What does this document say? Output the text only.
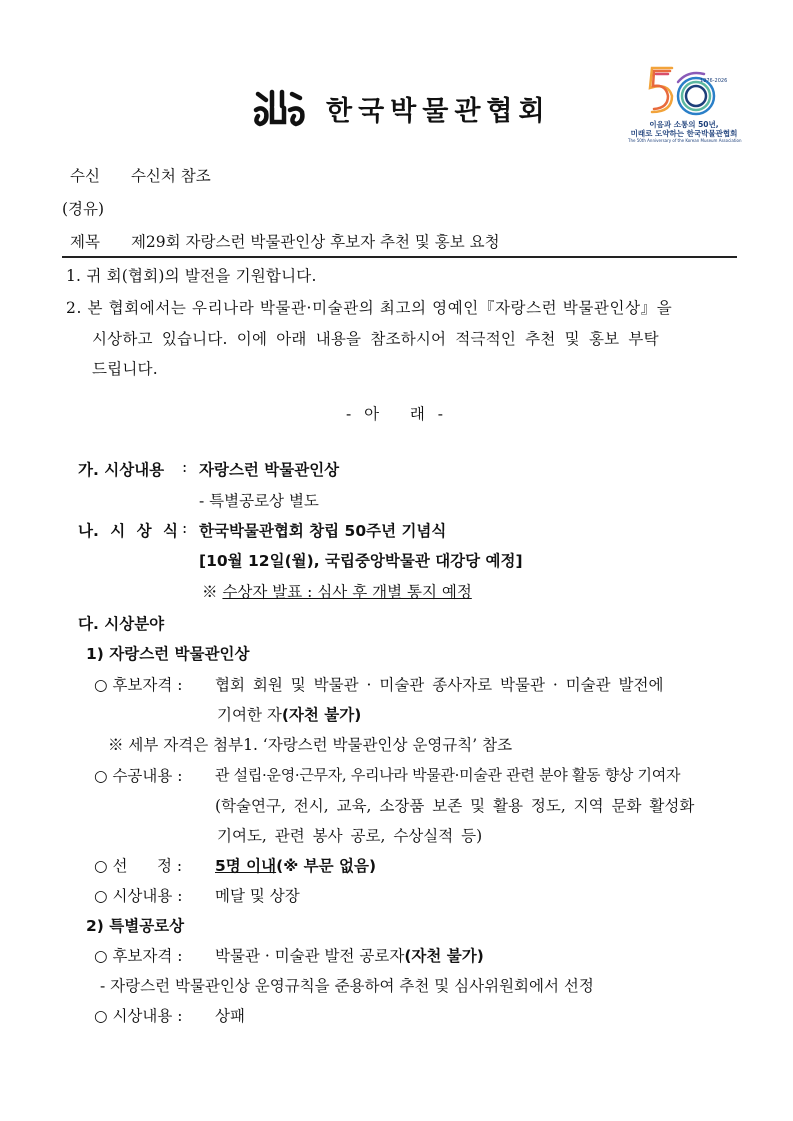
한국박물관협회
1976-2026
이음과 소통의 50년,
미래로 도약하는 한국박물관협회
The 50th Anniversary of the Korean Museum Association
수신 수신처 참조
(경유)
제목 제29회 자랑스런 박물관인상 후보자 추천 및 홍보 요청
1. 귀 회(협회)의 발전을 기원합니다.
2. 본 협회에서는 우리나라 박물관·미술관의 최고의 영예인『자랑스런 박물관인상』을
시상하고 있습니다. 이에 아래 내용을 참조하시어 적극적인 추천 및 홍보 부탁
드립니다.
- 아   래 -
가. 시상내용 : 자랑스런 박물관인상
- 특별공로상 별도
나. 시 상 식 : 한국박물관협회 창립 50주년 기념식
[10월 12일(월), 국립중앙박물관 대강당 예정]
※ 수상자 발표 : 심사 후 개별 통지 예정
다. 시상분야
1) 자랑스런 박물관인상
○ 후보자격 : 협회 회원 및 박물관 · 미술관 종사자로 박물관 · 미술관 발전에
기여한 자(자천 불가)
※ 세부 자격은 첨부1. ‘자랑스런 박물관인상 운영규칙’ 참조
○ 수공내용 : 관 설립·운영·근무자, 우리나라 박물관·미술관 관련 분야 활동 향상 기여자
(학술연구, 전시, 교육, 소장품 보존 및 활용 정도, 지역 문화 활성화
기여도, 관련 봉사 공로, 수상실적 등)
○ 선      정 : 5명 이내(※ 부문 없음)
○ 시상내용 : 메달 및 상장
2) 특별공로상
○ 후보자격 : 박물관 · 미술관 발전 공로자(자천 불가)
- 자랑스런 박물관인상 운영규칙을 준용하여 추천 및 심사위원회에서 선정
○ 시상내용 : 상패
